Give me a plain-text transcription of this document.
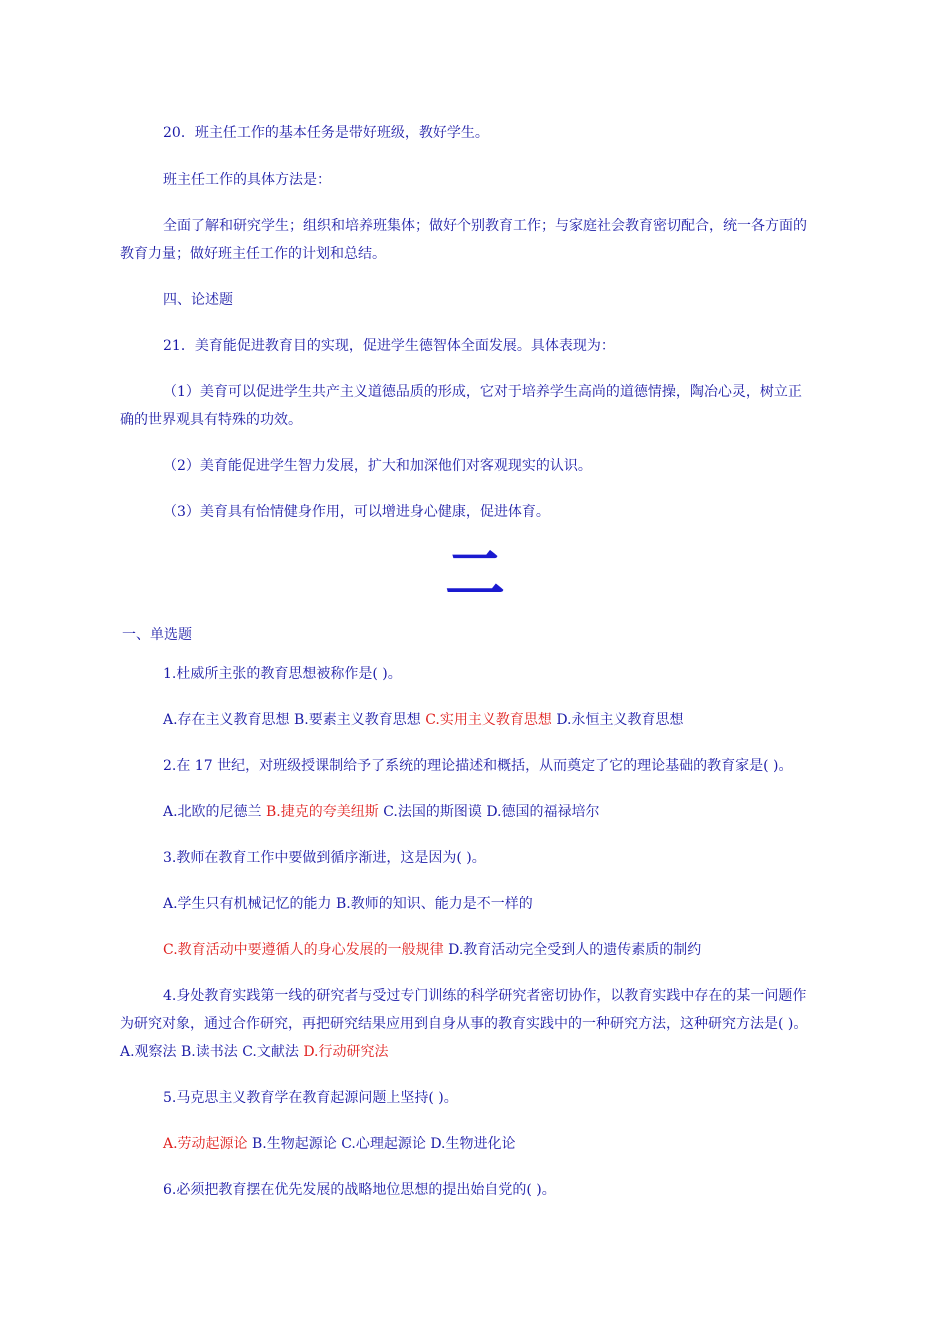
20．班主任工作的基本任务是带好班级，教好学生。
班主任工作的具体方法是：
全面了解和研究学生；组织和培养班集体；做好个别教育工作；与家庭社会教育密切配合，统一各方面的
教育力量；做好班主任工作的计划和总结。
四、论述题
21．美育能促进教育目的实现，促进学生德智体全面发展。具体表现为：
（1）美育可以促进学生共产主义道德品质的形成，它对于培养学生高尚的道德情操，陶冶心灵，树立正
确的世界观具有特殊的功效。
（2）美育能促进学生智力发展，扩大和加深他们对客观现实的认识。
（3）美育具有怡情健身作用，可以增进身心健康，促进体育。
二
一、单选题
1.杜威所主张的教育思想被称作是( )。
A.存在主义教育思想 B.要素主义教育思想 C.实用主义教育思想 D.永恒主义教育思想
2.在 17 世纪，对班级授课制给予了系统的理论描述和概括，从而奠定了它的理论基础的教育家是( )。
A.北欧的尼德兰 B.捷克的夸美纽斯 C.法国的斯图谟 D.德国的福禄培尔
3.教师在教育工作中要做到循序渐进，这是因为( )。
A.学生只有机械记忆的能力 B.教师的知识、能力是不一样的
C.教育活动中要遵循人的身心发展的一般规律 D.教育活动完全受到人的遗传素质的制约
4.身处教育实践第一线的研究者与受过专门训练的科学研究者密切协作，以教育实践中存在的某一问题作
为研究对象，通过合作研究，再把研究结果应用到自身从事的教育实践中的一种研究方法，这种研究方法是( )。
A.观察法 B.读书法 C.文献法 D.行动研究法
5.马克思主义教育学在教育起源问题上坚持( )。
A.劳动起源论 B.生物起源论 C.心理起源论 D.生物进化论
6.必须把教育摆在优先发展的战略地位思想的提出始自党的( )。
